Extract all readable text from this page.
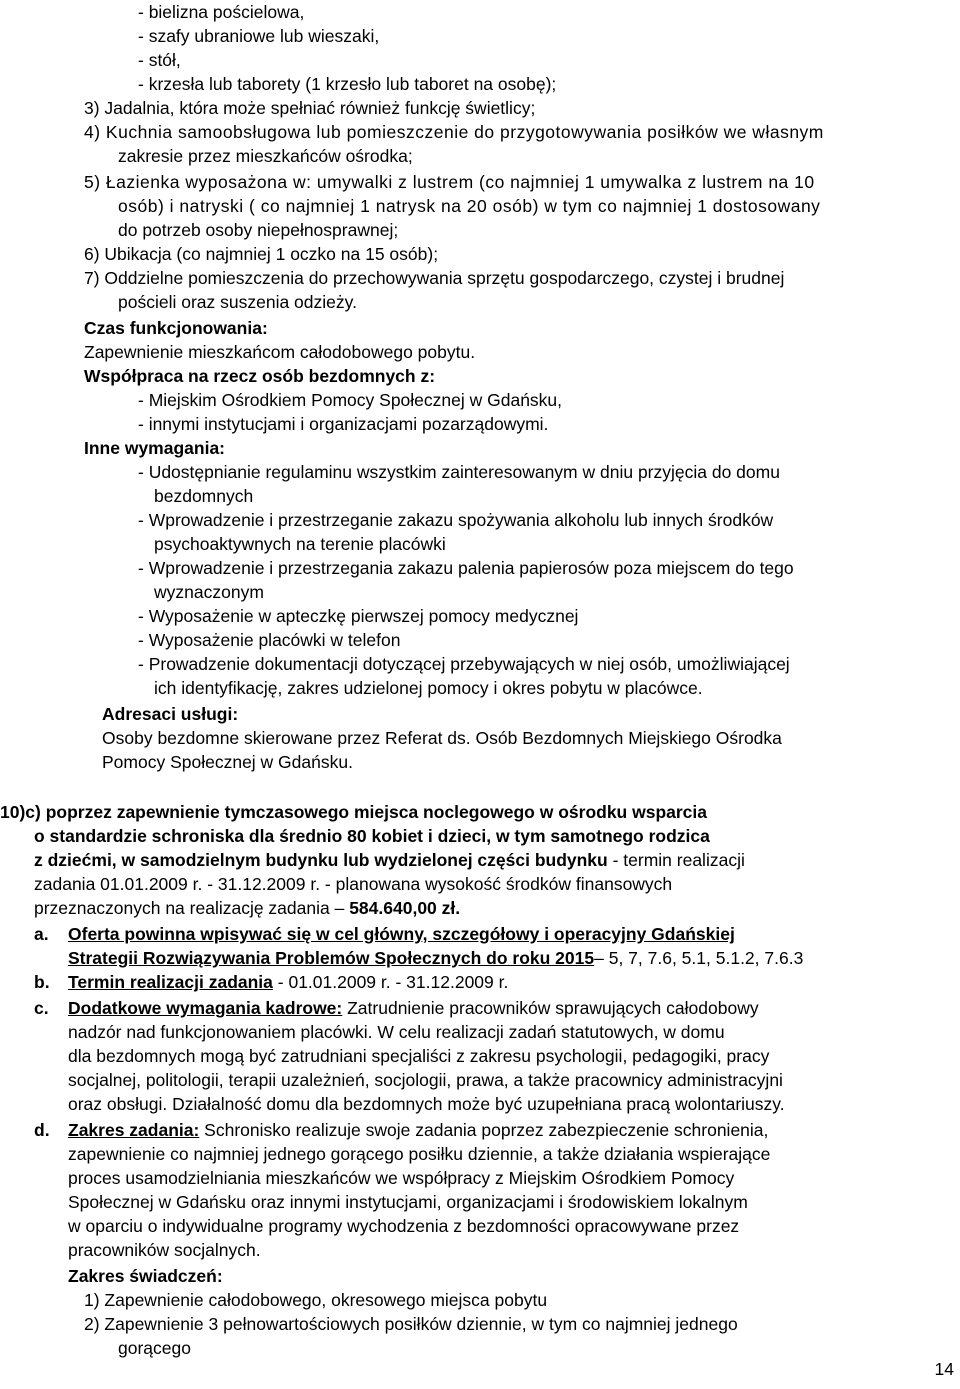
- bielizna pościelowa,
- szafy ubraniowe lub wieszaki,
- stół,
- krzesła lub taborety (1 krzesło lub taboret na osobę);
3) Jadalnia, która może spełniać również funkcję świetlicy;
4) Kuchnia samoobsługowa lub pomieszczenie do przygotowywania posiłków we własnym
zakresie przez mieszkańców ośrodka;
5) Łazienka wyposażona w: umywalki z lustrem (co najmniej 1 umywalka z lustrem na 10
osób) i natryski ( co najmniej 1 natrysk na 20 osób) w tym co najmniej 1 dostosowany
do potrzeb osoby niepełnosprawnej;
6) Ubikacja (co najmniej 1 oczko na 15 osób);
7) Oddzielne pomieszczenia do przechowywania sprzętu gospodarczego, czystej i brudnej
pościeli oraz suszenia odzieży.
Czas funkcjonowania:
Zapewnienie mieszkańcom całodobowego pobytu.
Współpraca na rzecz osób bezdomnych z:
- Miejskim Ośrodkiem Pomocy Społecznej w Gdańsku,
- innymi instytucjami i organizacjami pozarządowymi.
Inne wymagania:
- Udostępnianie regulaminu wszystkim zainteresowanym w dniu przyjęcia do domu
bezdomnych
- Wprowadzenie i przestrzeganie zakazu spożywania alkoholu lub innych środków
psychoaktywnych na terenie placówki
- Wprowadzenie i przestrzegania zakazu palenia papierosów poza miejscem do tego
wyznaczonym
- Wyposażenie w apteczkę pierwszej pomocy medycznej
- Wyposażenie placówki w telefon
- Prowadzenie dokumentacji dotyczącej przebywających w niej osób, umożliwiającej
ich identyfikację, zakres udzielonej pomocy i okres pobytu w placówce.
Adresaci usługi:
Osoby bezdomne skierowane przez Referat ds. Osób Bezdomnych Miejskiego Ośrodka
Pomocy Społecznej w Gdańsku.
10)c) poprzez zapewnienie tymczasowego miejsca noclegowego w ośrodku wsparcia
o standardzie schroniska dla średnio 80 kobiet i dzieci, w tym samotnego rodzica
z dziećmi, w samodzielnym budynku lub wydzielonej części budynku - termin realizacji
zadania 01.01.2009 r. - 31.12.2009 r. - planowana wysokość środków finansowych
przeznaczonych na realizację zadania – 584.640,00 zł.
a. Oferta powinna wpisywać się w cel główny, szczegółowy i operacyjny Gdańskiej
Strategii Rozwiązywania Problemów Społecznych do roku 2015– 5, 7, 7.6, 5.1, 5.1.2, 7.6.3
b. Termin realizacji zadania - 01.01.2009 r. - 31.12.2009 r.
c. Dodatkowe wymagania kadrowe: Zatrudnienie pracowników sprawujących całodobowy
nadzór nad funkcjonowaniem placówki. W celu realizacji zadań statutowych, w domu
dla bezdomnych mogą być zatrudniani specjaliści z zakresu psychologii, pedagogiki, pracy
socjalnej, politologii, terapii uzależnień, socjologii, prawa, a także pracownicy administracyjni
oraz obsługi. Działalność domu dla bezdomnych może być uzupełniana pracą wolontariuszy.
d. Zakres zadania: Schronisko realizuje swoje zadania poprzez zabezpieczenie schronienia,
zapewnienie co najmniej jednego gorącego posiłku dziennie, a także działania wspierające
proces usamodzielniania mieszkańców we współpracy z Miejskim Ośrodkiem Pomocy
Społecznej w Gdańsku oraz innymi instytucjami, organizacjami i środowiskiem lokalnym
w oparciu o indywidualne programy wychodzenia z bezdomności opracowywane przez
pracowników socjalnych.
Zakres świadczeń:
1) Zapewnienie całodobowego, okresowego miejsca pobytu
2) Zapewnienie 3 pełnowartościowych posiłków dziennie, w tym co najmniej jednego
gorącego
14
